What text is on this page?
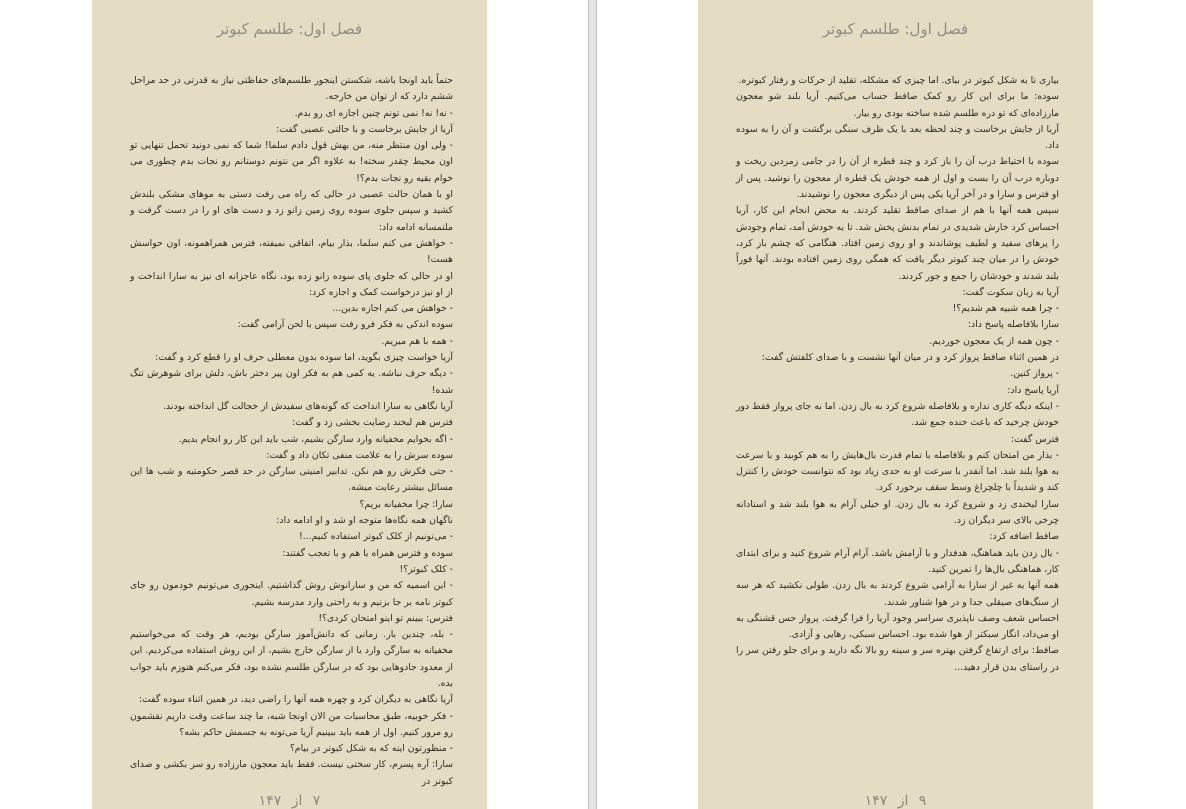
فصل اول: طلسم کبوتر

حتماً باید اونجا باشه، شکستن اینجور طلسم‌های حفاظتی نیاز به قدرتی در حد مراحل ششم دارد که از توان من خارجه.

- نه! نه! نمی تونم چنین اجازه ای رو بدم.

آریا از جایش برخاست و با حالتی عصبی گفت:

- ولی اون منتظر منه، من بهش قول دادم سلما! شما که نمی دونید تحمل تنهایی تو اون محیط چقدر سخته! به علاوه اگر من نتونم دوستانم رو نجات بدم چطوری می خوام بقیه رو نجات بدم؟!

او با همان حالت عصبی در حالی که راه می رفت دستی به موهای مشکی بلندش کشید و سپس جلوی سوده روی زمین زانو زد و دست های او را در دست گرفت و ملتمسانه ادامه داد:

- خواهش می کنم سلما، بذار بیام، اتفاقی نمیفته، فترس همراهمونه، اون حواسش هست!

او در حالی که جلوی پای سوده زانو زده بود، نگاه عاجزانه ای نیز به سارا انداخت و از او نیز درخواست کمک و اجازه کرد:

- خواهش می کنم اجازه بدین...

سوده اندکی به فکر فرو رفت سپس با لحن آرامی گفت:

- همه با هم میریم.

آریا خواست چیزی بگوید، اما سوده بدون معطلی حرف او را قطع کرد و گفت:

- دیگه حرف نباشه. یه کمی هم به فکر اون پیر دختر باش، دلش برای شوهرش تنگ شده!

آریا نگاهی به سارا انداخت که گونه‌های سفیدش از خجالت گل انداخته بودند.

فترس هم لبخند رضایت بخشی زد و گفت:

- اگه بخوایم مخفیانه وارد سارگن بشیم، شب باید این کار رو انجام بدیم.

سوده سرش را به علامت منفی تکان داد و گفت:

- حتی فکرش رو هم نکن. تدابیر امنیتی سارگن در حد قصر حکومتیه و شب ها این مسائل بیشتر رعایت میشه.

سارا: چرا مخفیانه بریم؟

ناگهان همه نگاه‌ها متوجه او شد و او ادامه داد:

- می‌تونیم از کلک کبوتر استفاده کنیم...!

سوده و فترس همراه با هم و با تعجب گفتند:

- کلک کبوتر؟!

- این اسمیه که من و سارانوش روش گذاشتیم. اینجوری می‌تونیم خودمون رو جای کبوتر نامه بر جا بزنیم و به راحتی وارد مدرسه بشیم.

فترس: ببینم تو اینو امتحان کردی؟!

- بله، چندین بار. زمانی که دانش‌آموز سارگن بودیم، هر وقت که می‌خواستیم مخفیانه به سارگن وارد یا از سارگن خارج بشیم، از این روش استفاده می‌کردیم. این از معدود جادوهایی بود که در سارگن طلسم نشده بود، فکر می‌کنم هنوزم باید جواب بده.

آریا نگاهی به دیگران کرد و چهره همه آنها را راضی دید، در همین اثناء سوده گفت:

- فکر خوبیه، طبق محاسبات من الان اونجا شبه، ما چند ساعت وقت داریم نقشمون رو مرور کنیم. اول از همه باید ببینیم آریا می‌تونه به جسمش حاکم بشه؟

- منظورتون اینه که به شکل کبوتر در بیام؟

سارا: آره پسرم، کار سختی نیست. فقط باید معجون مارزاده رو سر بکشی و صدای کبوتر در

۷ از ۱۴۷
فصل اول: طلسم کبوتر

بیاری تا به شکل کبوتر در بیای. اما چیزی که مشکله، تقلید از حرکات و رفتار کبوتره.

سوده: ما برای این کار رو کمک صافط حساب می‌کنیم. آریا بلند شو معجون مارزاده‌ای که تو دره طلسم شده ساخته بودی رو بیار.

آریا از جایش برخاست و چند لحظه بعد با یک ظرف سنگی برگشت و آن را به سوده داد.

سوده با احتیاط درب آن را باز کرد و چند قطره از آن را در جامی زمردین ریخت و دوباره درب آن را بست و اول از همه خودش یک قطره از معجون را نوشید. پس از او فترس و سارا و در آخر آریا یکی پس از دیگری معجون را نوشیدند.

سپس همه آنها با هم از صدای صافط تقلید کردند. به محض انجام این کار، آریا احساس کرد خارش شدیدی در تمام بدنش پخش شد. تا به خودش آمد، تمام وجودش را پرهای سفید و لطیف پوشاندند و او روی زمین افتاد. هنگامی که چشم باز کرد، خودش را در میان چند کبوتر دیگر یافت که همگی روی زمین افتاده بودند. آنها فوراً بلند شدند و خودشان را جمع و جور کردند.

آریا به زبان سکوت گفت:

- چرا همه شبیه هم شدیم؟!

سارا بلافاصله پاسخ داد:

- چون همه از یک معجون خوردیم.

در همین اثناء صافط پرواز کرد و در میان آنها نشست و با صدای کلفتش گفت:

- پرواز کنین.

آریا پاسخ داد:

- اینکه دیگه کاری نداره و بلافاصله شروع کرد به بال زدن. اما به جای پرواز فقط دور خودش چرخید که باعث خنده جمع شد.

فترس گفت:

- بذار من امتحان کنم و بلافاصله با تمام قدرت بال‌هایش را به هم کوبید و با سرعت به هوا بلند شد. اما آنقدر با سرعت او به حدی زیاد بود که نتوانست خودش را کنترل کند و شدیداً با چلچراغ وسط سقف برخورد کرد.

سارا لبخندی زد و شروع کرد به بال زدن. او خیلی آرام به هوا بلند شد و استادانه چرخی بالای سر دیگران زد.

صافط اضافه کرد:

- بال زدن باید هماهنگ، هدفدار و با آرامش باشد. آرام آرام شروع کنید و برای ابتدای کار، هماهنگی بال‌ها را تمرین کنید.

همه آنها به غیر از سارا به آرامی شروع کردند به بال زدن. طولی نکشید که هر سه از سنگ‌های صیقلی جدا و در هوا شناور شدند.

احساس شعف وصف ناپذیری سراسر وجود آریا را فرا گرفت. پرواز حس قشنگی به او می‌داد، انگار سبکتر از هوا شده بود. احساس سبکی، رهایی و آزادی.

صافط: برای ارتفاع گرفتن بهتره سر و سینه رو بالا نگه دارید و برای جلو رفتن سر را در راستای بدن قرار دهید...

۹ از ۱۴۷
